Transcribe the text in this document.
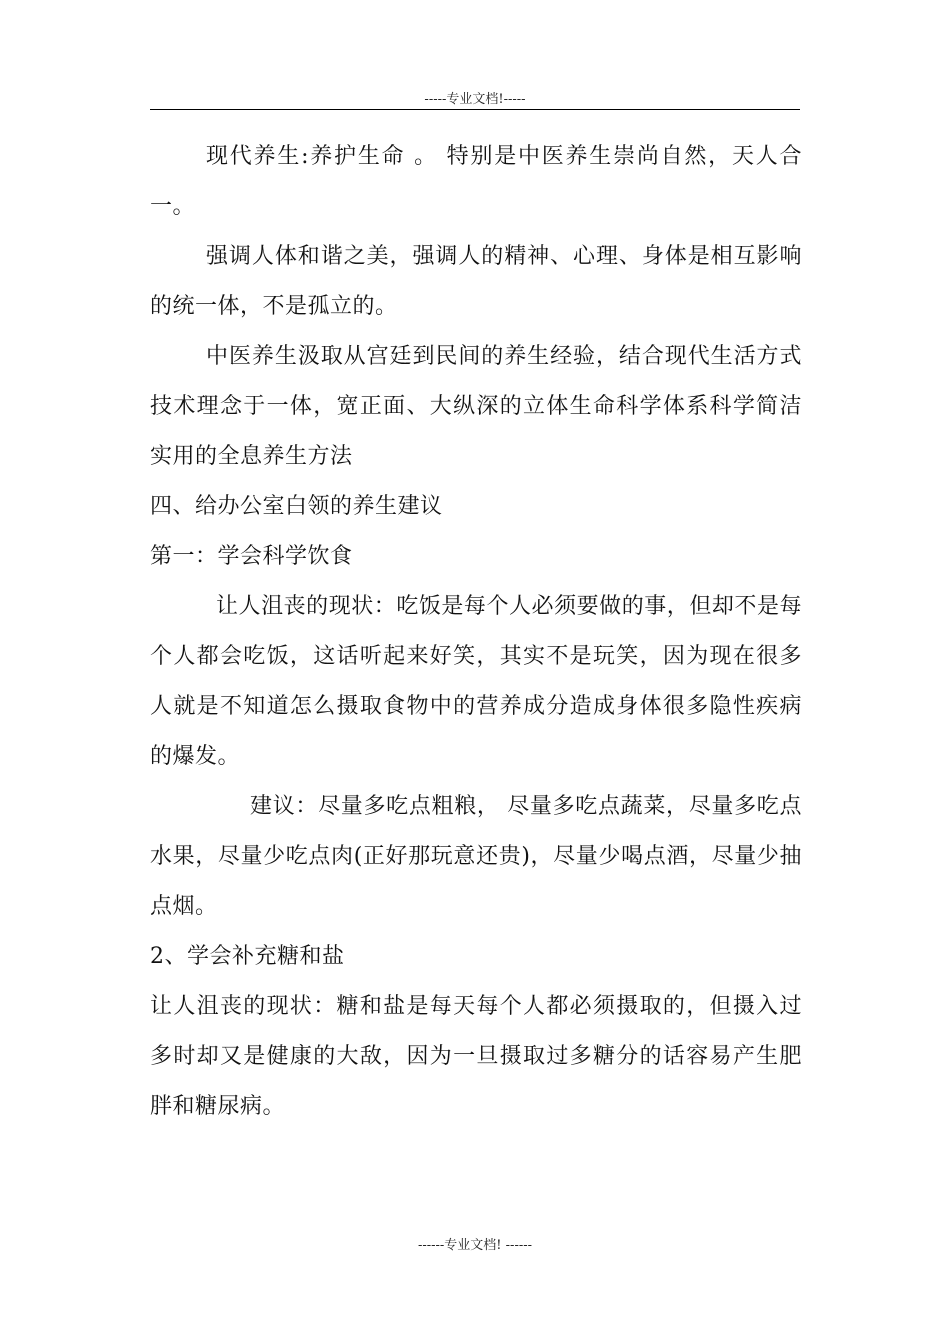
-----专业文档!-----

现代养生:养护生命 。 特别是中医养生崇尚自然，天人合一。

强调人体和谐之美，强调人的精神、心理、身体是相互影响的统一体，不是孤立的。

中医养生汲取从宫廷到民间的养生经验，结合现代生活方式技术理念于一体，宽正面、大纵深的立体生命科学体系科学简洁实用的全息养生方法

四、给办公室白领的养生建议

第一：学会科学饮食

让人沮丧的现状：吃饭是每个人必须要做的事，但却不是每个人都会吃饭，这话听起来好笑，其实不是玩笑，因为现在很多人就是不知道怎么摄取食物中的营养成分造成身体很多隐性疾病的爆发。

建议：尽量多吃点粗粮， 尽量多吃点蔬菜，尽量多吃点水果，尽量少吃点肉(正好那玩意还贵)，尽量少喝点酒，尽量少抽点烟。

2、学会补充糖和盐

让人沮丧的现状：糖和盐是每天每个人都必须摄取的，但摄入过多时却又是健康的大敌，因为一旦摄取过多糖分的话容易产生肥胖和糖尿病。

------专业文档! ------
